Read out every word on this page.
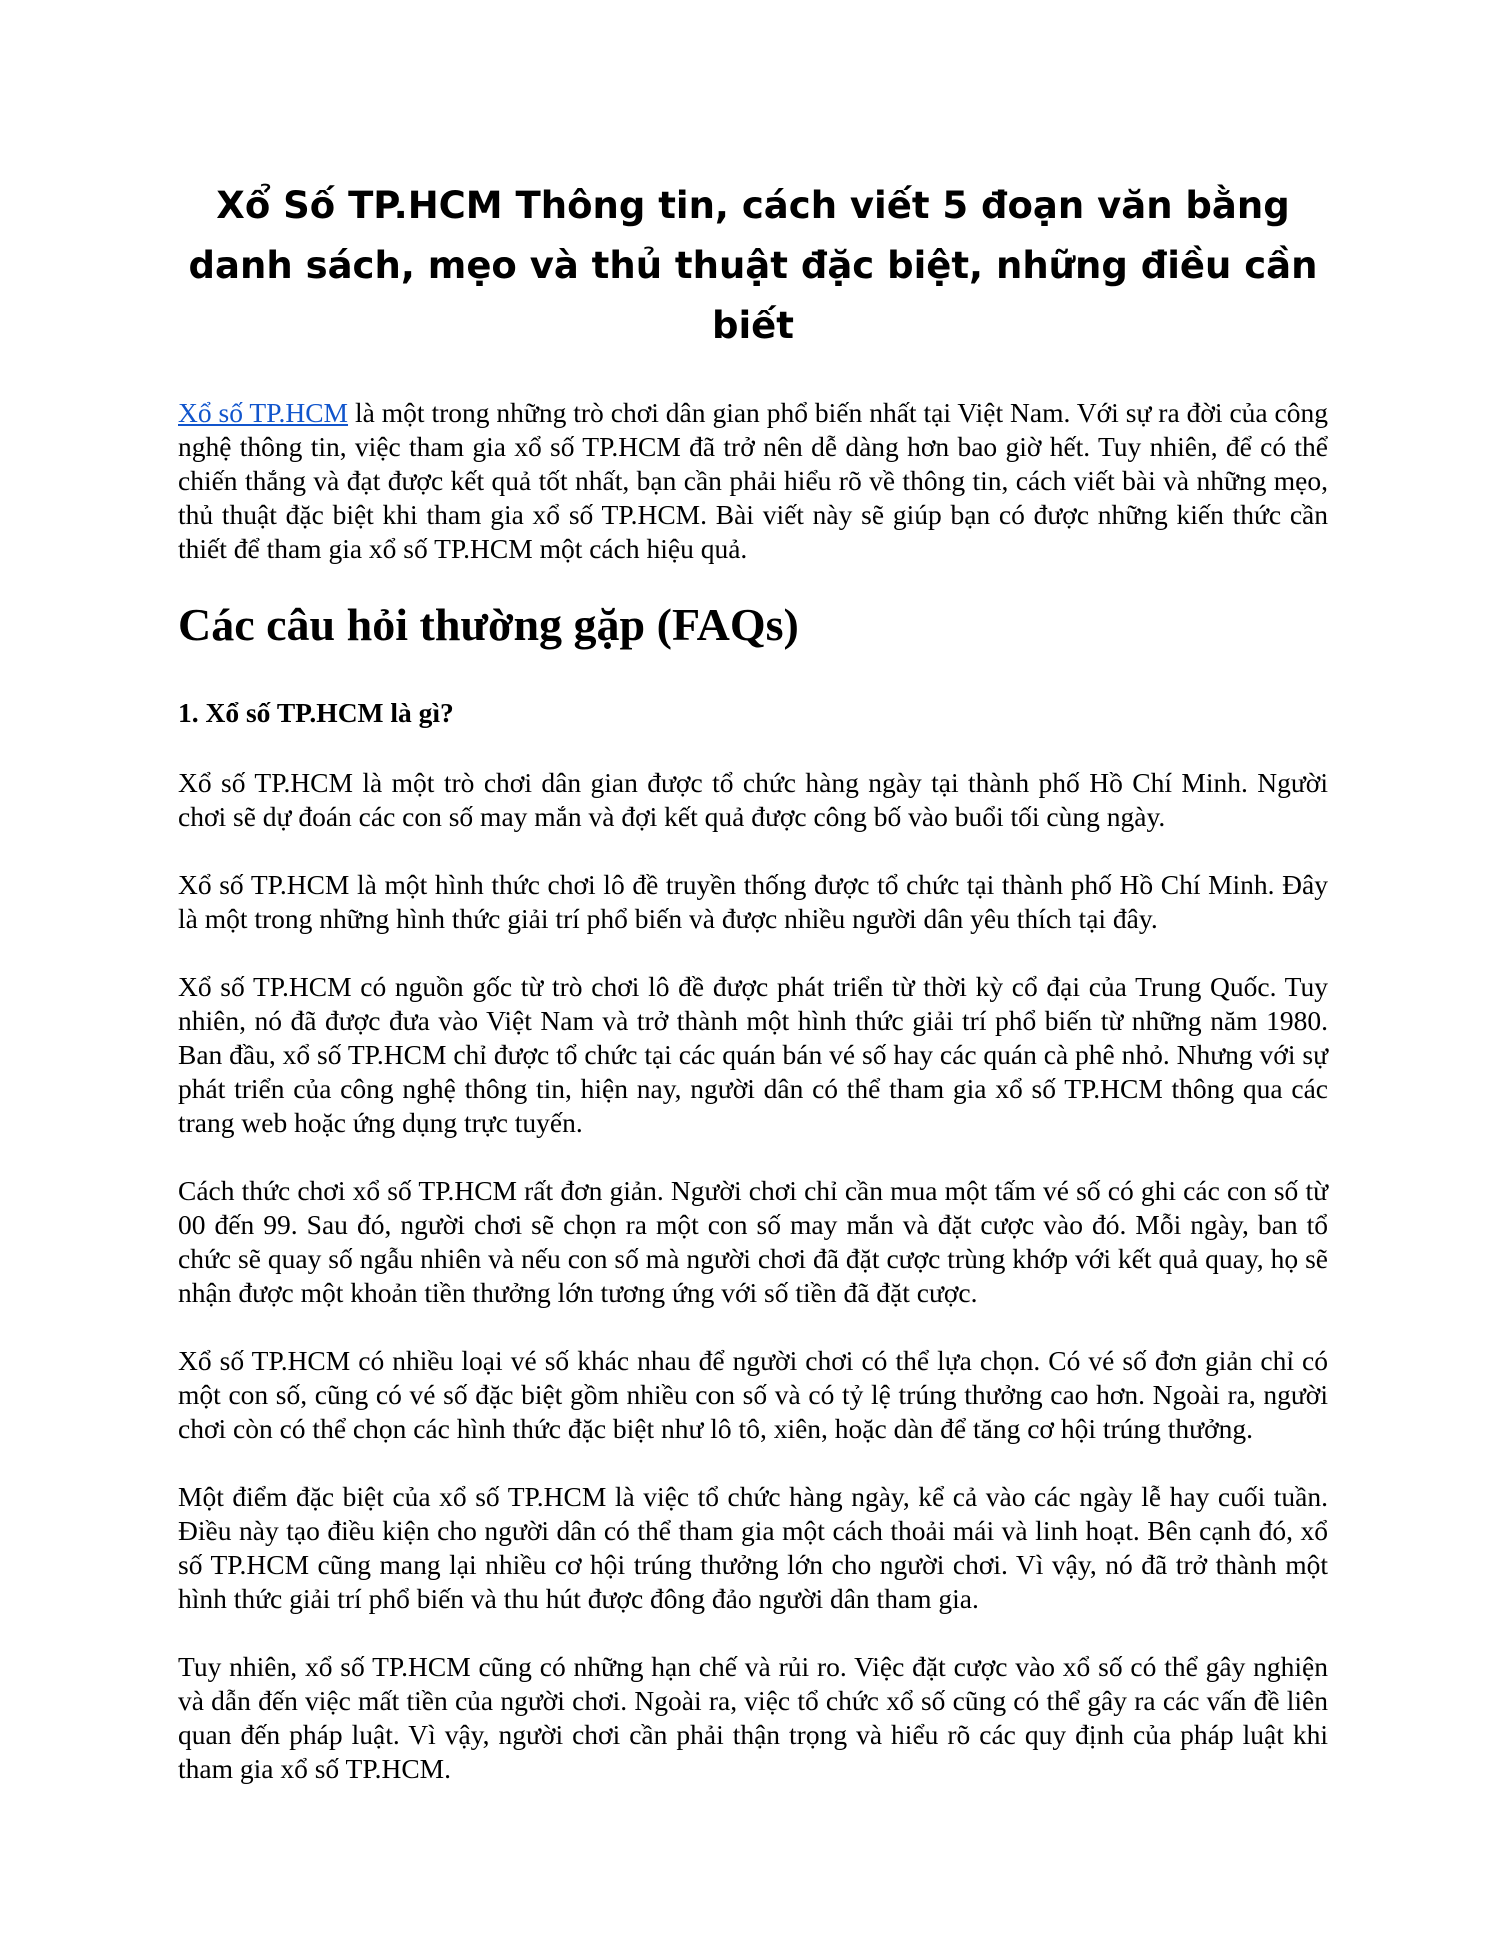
Xổ Số TP.HCM Thông tin, cách viết 5 đoạn văn bằng danh sách, mẹo và thủ thuật đặc biệt, những điều cần biết

Xổ số TP.HCM là một trong những trò chơi dân gian phổ biến nhất tại Việt Nam. Với sự ra đời của công nghệ thông tin, việc tham gia xổ số TP.HCM đã trở nên dễ dàng hơn bao giờ hết. Tuy nhiên, để có thể chiến thắng và đạt được kết quả tốt nhất, bạn cần phải hiểu rõ về thông tin, cách viết bài và những mẹo, thủ thuật đặc biệt khi tham gia xổ số TP.HCM. Bài viết này sẽ giúp bạn có được những kiến thức cần thiết để tham gia xổ số TP.HCM một cách hiệu quả.

Các câu hỏi thường gặp (FAQs)
1. Xổ số TP.HCM là gì?

Xổ số TP.HCM là một trò chơi dân gian được tổ chức hàng ngày tại thành phố Hồ Chí Minh. Người chơi sẽ dự đoán các con số may mắn và đợi kết quả được công bố vào buổi tối cùng ngày.

Xổ số TP.HCM là một hình thức chơi lô đề truyền thống được tổ chức tại thành phố Hồ Chí Minh. Đây là một trong những hình thức giải trí phổ biến và được nhiều người dân yêu thích tại đây.

Xổ số TP.HCM có nguồn gốc từ trò chơi lô đề được phát triển từ thời kỳ cổ đại của Trung Quốc. Tuy nhiên, nó đã được đưa vào Việt Nam và trở thành một hình thức giải trí phổ biến từ những năm 1980. Ban đầu, xổ số TP.HCM chỉ được tổ chức tại các quán bán vé số hay các quán cà phê nhỏ. Nhưng với sự phát triển của công nghệ thông tin, hiện nay, người dân có thể tham gia xổ số TP.HCM thông qua các trang web hoặc ứng dụng trực tuyến.

Cách thức chơi xổ số TP.HCM rất đơn giản. Người chơi chỉ cần mua một tấm vé số có ghi các con số từ 00 đến 99. Sau đó, người chơi sẽ chọn ra một con số may mắn và đặt cược vào đó. Mỗi ngày, ban tổ chức sẽ quay số ngẫu nhiên và nếu con số mà người chơi đã đặt cược trùng khớp với kết quả quay, họ sẽ nhận được một khoản tiền thưởng lớn tương ứng với số tiền đã đặt cược.

Xổ số TP.HCM có nhiều loại vé số khác nhau để người chơi có thể lựa chọn. Có vé số đơn giản chỉ có một con số, cũng có vé số đặc biệt gồm nhiều con số và có tỷ lệ trúng thưởng cao hơn. Ngoài ra, người chơi còn có thể chọn các hình thức đặc biệt như lô tô, xiên, hoặc dàn để tăng cơ hội trúng thưởng.

Một điểm đặc biệt của xổ số TP.HCM là việc tổ chức hàng ngày, kể cả vào các ngày lễ hay cuối tuần. Điều này tạo điều kiện cho người dân có thể tham gia một cách thoải mái và linh hoạt. Bên cạnh đó, xổ số TP.HCM cũng mang lại nhiều cơ hội trúng thưởng lớn cho người chơi. Vì vậy, nó đã trở thành một hình thức giải trí phổ biến và thu hút được đông đảo người dân tham gia.

Tuy nhiên, xổ số TP.HCM cũng có những hạn chế và rủi ro. Việc đặt cược vào xổ số có thể gây nghiện và dẫn đến việc mất tiền của người chơi. Ngoài ra, việc tổ chức xổ số cũng có thể gây ra các vấn đề liên quan đến pháp luật. Vì vậy, người chơi cần phải thận trọng và hiểu rõ các quy định của pháp luật khi tham gia xổ số TP.HCM.
